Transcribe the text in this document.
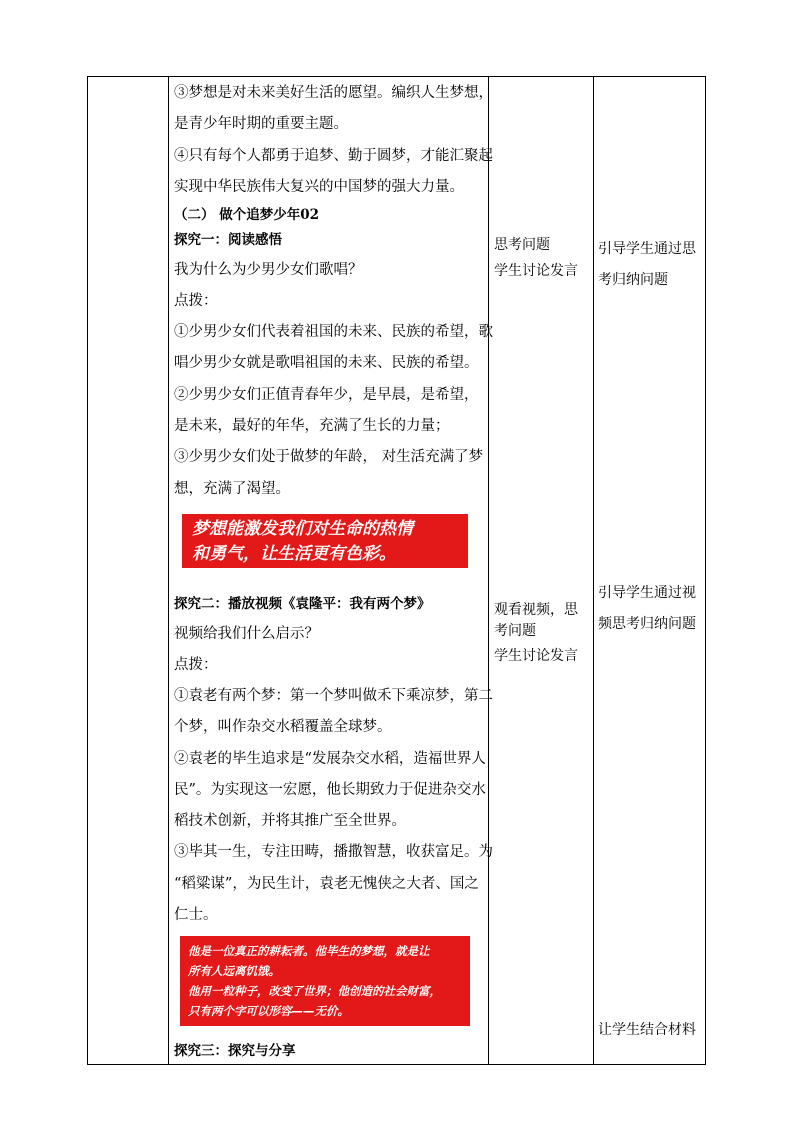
③梦想是对未来美好生活的愿望。编织人生梦想，
是青少年时期的重要主题。
④只有每个人都勇于追梦、勤于圆梦，才能汇聚起
实现中华民族伟大复兴的中国梦的强大力量。
（二） 做个追梦少年02
探究一：阅读感悟
我为什么为少男少女们歌唱？
点拨：
①少男少女们代表着祖国的未来、民族的希望，歌
唱少男少女就是歌唱祖国的未来、民族的希望。
②少男少女们正值青春年少，是早晨，是希望，
是未来，最好的年华，充满了生长的力量；
③少男少女们处于做梦的年龄， 对生活充满了梦
想，充满了渴望。
梦想能激发我们对生命的热情
和勇气，让生活更有色彩。
探究二：播放视频《袁隆平：我有两个梦》
视频给我们什么启示？
点拨：
①袁老有两个梦：第一个梦叫做禾下乘凉梦，第二
个梦，叫作杂交水稻覆盖全球梦。
②袁老的毕生追求是“发展杂交水稻，造福世界人
民”。为实现这一宏愿，他长期致力于促进杂交水
稻技术创新，并将其推广至全世界。
③毕其一生，专注田畴，播撒智慧，收获富足。为
“稻粱谋”，为民生计，袁老无愧侠之大者、国之
仁士。
他是一位真正的耕耘者。他毕生的梦想，就是让
所有人远离饥饿。
他用一粒种子，改变了世界；他创造的社会财富，
只有两个字可以形容——无价。
探究三：探究与分享
思考问题
学生讨论发言
观看视频，思
考问题
学生讨论发言
引导学生通过思
考归纳问题
引导学生通过视
频思考归纳问题
让学生结合材料
